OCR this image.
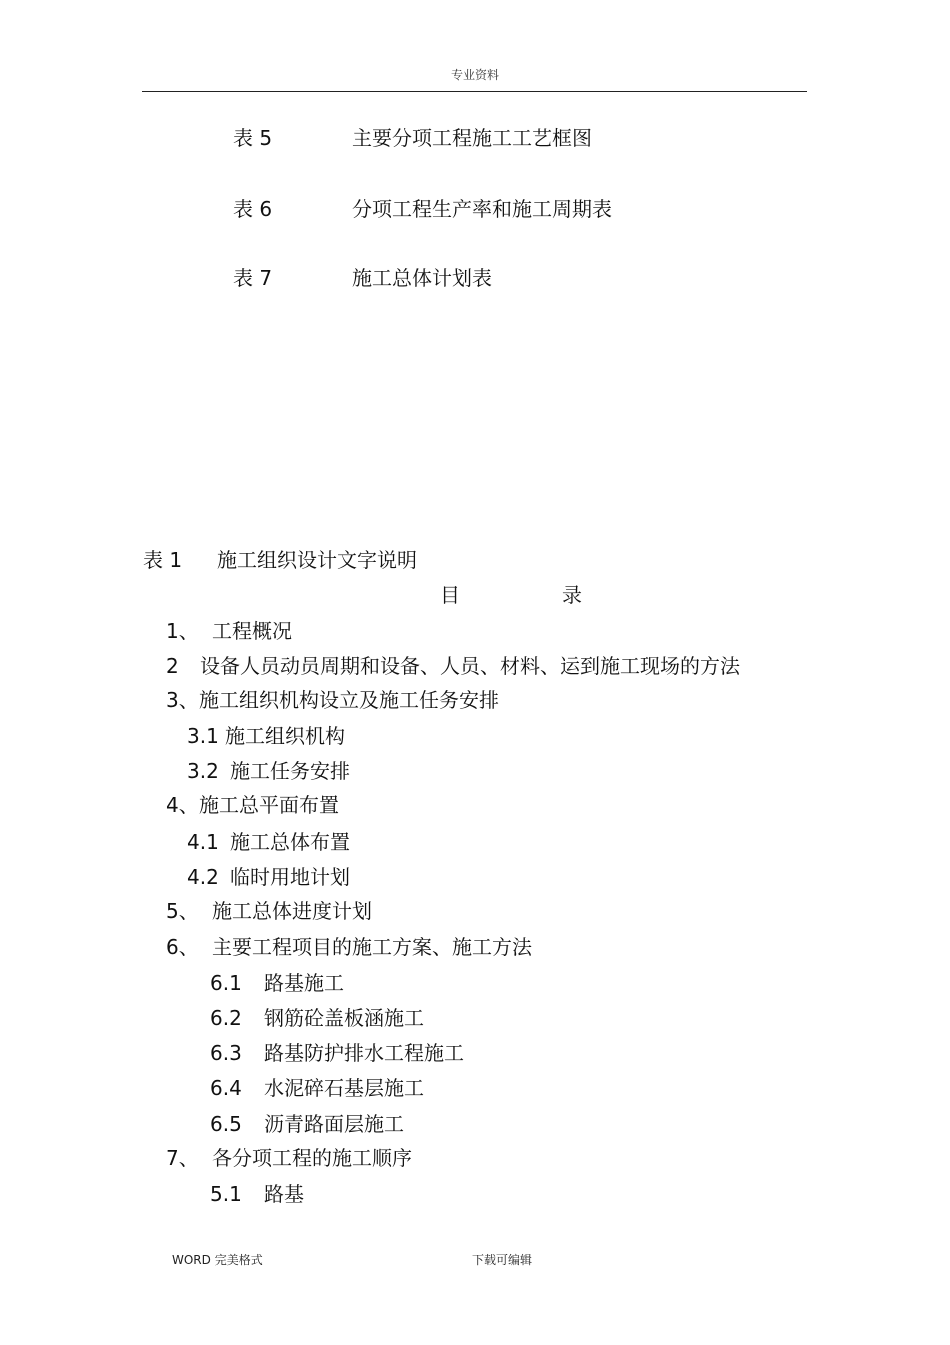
专业资料
表 5	主要分项工程施工工艺框图
表 6	分项工程生产率和施工周期表
表 7	施工总体计划表
表 1 施工组织设计文字说明
目	录
1、 工程概况
2 设备人员动员周期和设备、人员、材料、运到施工现场的方法
3、 施工组织机构设立及施工任务安排
3.1 施工组织机构
3.2 施工任务安排
4、 施工总平面布置
4.1 施工总体布置
4.2 临时用地计划
5、 施工总体进度计划
6、 主要工程项目的施工方案、施工方法
6.1 路基施工
6.2 钢筋砼盖板涵施工
6.3 路基防护排水工程施工
6.4 水泥碎石基层施工
6.5 沥青路面层施工
7、 各分项工程的施工顺序
5.1 路基
WORD 完美格式	下载可编辑
